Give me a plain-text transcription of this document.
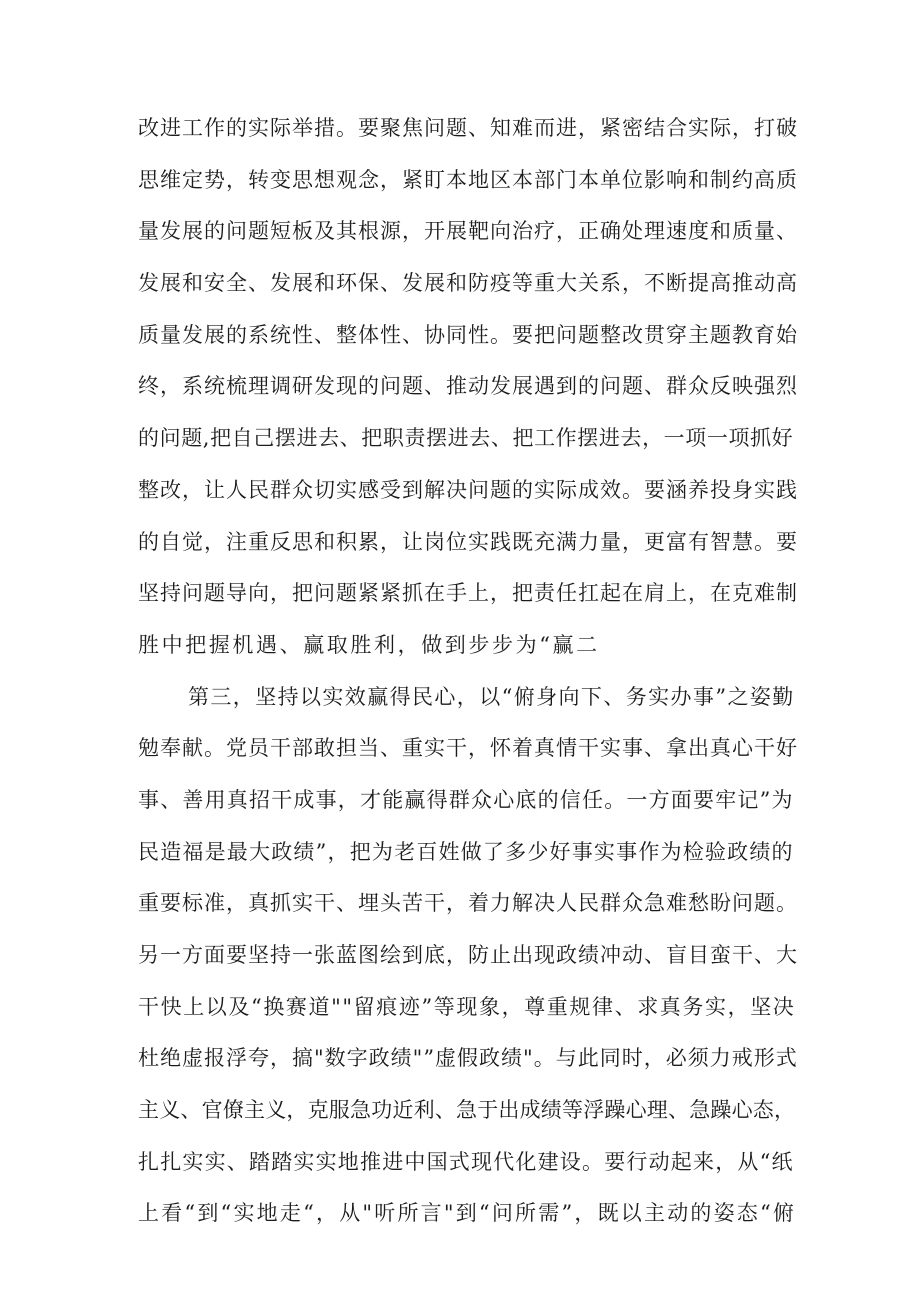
改进工作的实际举措。要聚焦问题、知难而进，紧密结合实际，打破
思维定势，转变思想观念，紧盯本地区本部门本单位影响和制约高质
量发展的问题短板及其根源，开展靶向治疗，正确处理速度和质量、
发展和安全、发展和环保、发展和防疫等重大关系，不断提高推动高
质量发展的系统性、整体性、协同性。要把问题整改贯穿主题教育始
终，系统梳理调研发现的问题、推动发展遇到的问题、群众反映强烈
的问题,把自己摆进去、把职责摆进去、把工作摆进去，一项一项抓好
整改，让人民群众切实感受到解决问题的实际成效。要涵养投身实践
的自觉，注重反思和积累，让岗位实践既充满力量，更富有智慧。要
坚持问题导向，把问题紧紧抓在手上，把责任扛起在肩上，在克难制
胜中把握机遇、赢取胜利，做到步步为“赢二
第三，坚持以实效赢得民心，以“俯身向下、务实办事”之姿勤
勉奉献。党员干部敢担当、重实干，怀着真情干实事、拿出真心干好
事、善用真招干成事，才能赢得群众心底的信任。一方面要牢记”为
民造福是最大政绩”，把为老百姓做了多少好事实事作为检验政绩的
重要标准，真抓实干、埋头苦干，着力解决人民群众急难愁盼问题。
另一方面要坚持一张蓝图绘到底，防止出现政绩冲动、盲目蛮干、大
干快上以及“换赛道""留痕迹”等现象，尊重规律、求真务实，坚决
杜绝虚报浮夸，搞"数字政绩"”虚假政绩"。与此同时，必须力戒形式
主义、官僚主义，克服急功近利、急于出成绩等浮躁心理、急躁心态，
扎扎实实、踏踏实实地推进中国式现代化建设。要行动起来，从“纸
上看“到“实地走“，从"听所言"到“问所需”，既以主动的姿态“俯
